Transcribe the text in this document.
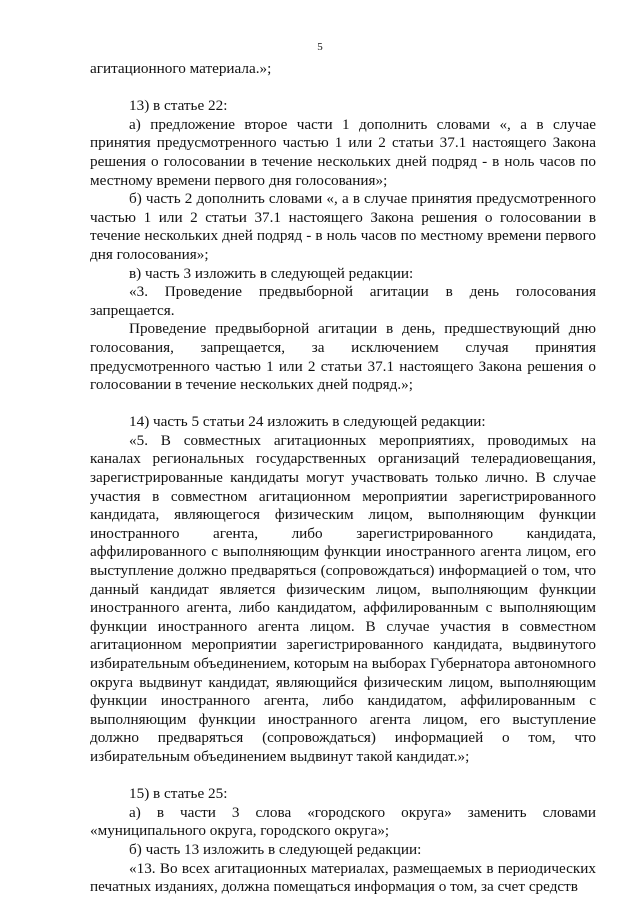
5

агитационного материала.»;

13) в статье 22:

а) предложение второе части 1 дополнить словами «, а в случае принятия предусмотренного частью 1 или 2 статьи 37.1 настоящего Закона решения о голосовании в течение нескольких дней подряд - в ноль часов по местному времени первого дня голосования»;

б) часть 2 дополнить словами «, а в случае принятия предусмотренного частью 1 или 2 статьи 37.1 настоящего Закона решения о голосовании в течение нескольких дней подряд - в ноль часов по местному времени первого дня голосования»;

в) часть 3 изложить в следующей редакции:

«3. Проведение предвыборной агитации в день голосования запрещается.

Проведение предвыборной агитации в день, предшествующий дню голосования, запрещается, за исключением случая принятия предусмотренного частью 1 или 2 статьи 37.1 настоящего Закона решения о голосовании в течение нескольких дней подряд.»;

14) часть 5 статьи 24 изложить в следующей редакции:

«5. В совместных агитационных мероприятиях, проводимых на каналах региональных государственных организаций телерадиовещания, зарегистрированные кандидаты могут участвовать только лично. В случае участия в совместном агитационном мероприятии зарегистрированного кандидата, являющегося физическим лицом, выполняющим функции иностранного агента, либо зарегистрированного кандидата, аффилированного с выполняющим функции иностранного агента лицом, его выступление должно предваряться (сопровождаться) информацией о том, что данный кандидат является физическим лицом, выполняющим функции иностранного агента, либо кандидатом, аффилированным с выполняющим функции иностранного агента лицом. В случае участия в совместном агитационном мероприятии зарегистрированного кандидата, выдвинутого избирательным объединением, которым на выборах Губернатора автономного округа выдвинут кандидат, являющийся физическим лицом, выполняющим функции иностранного агента, либо кандидатом, аффилированным с выполняющим функции иностранного агента лицом, его выступление должно предваряться (сопровождаться) информацией о том, что избирательным объединением выдвинут такой кандидат.»;

15) в статье 25:

а) в части 3 слова «городского округа» заменить словами «муниципального округа, городского округа»;

б) часть 13 изложить в следующей редакции:

«13. Во всех агитационных материалах, размещаемых в периодических печатных изданиях, должна помещаться информация о том, за счет средств
